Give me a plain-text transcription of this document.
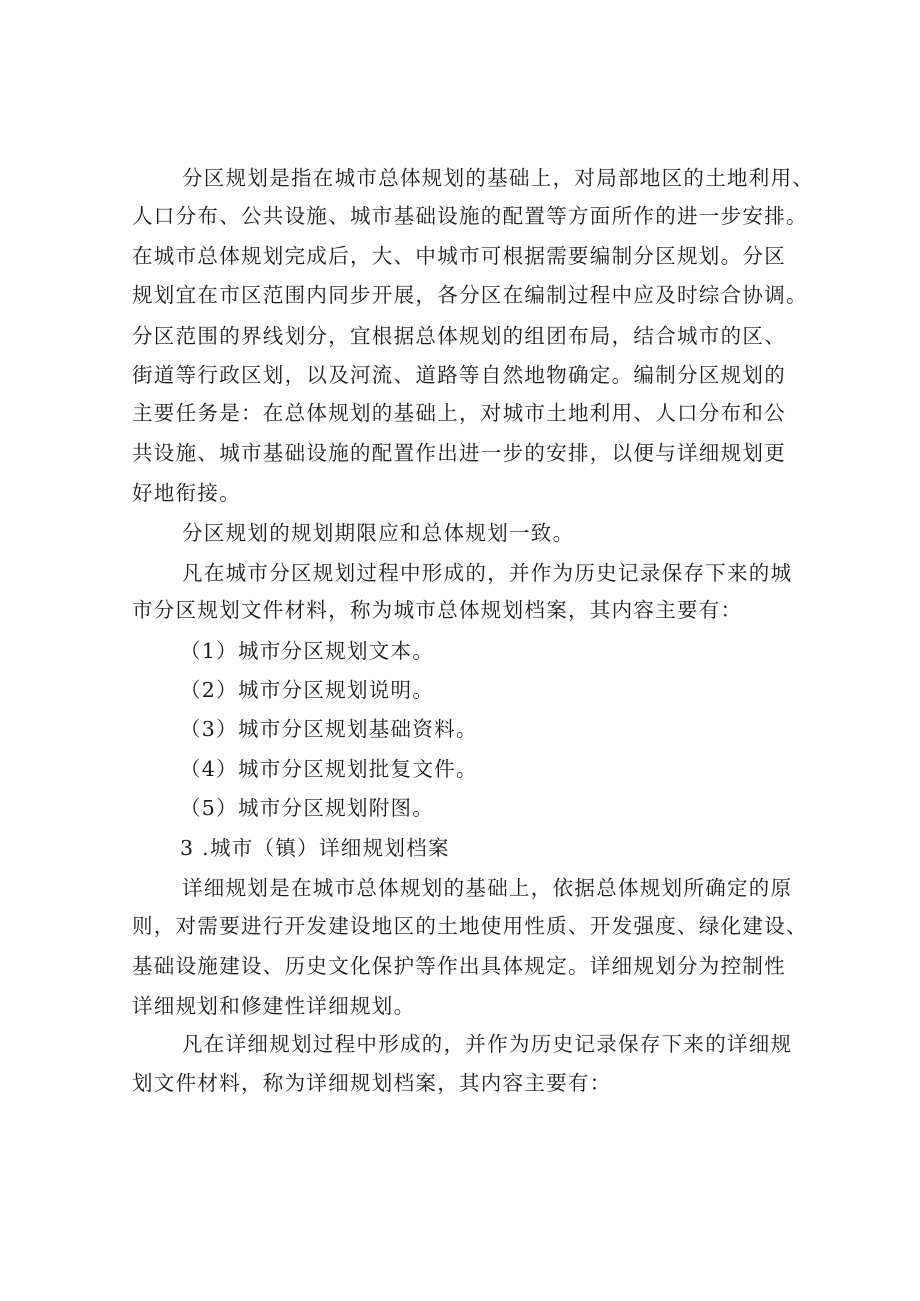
分区规划是指在城市总体规划的基础上，对局部地区的土地利用、
人口分布、公共设施、城市基础设施的配置等方面所作的进一步安排。
在城市总体规划完成后，大、中城市可根据需要编制分区规划。分区
规划宜在市区范围内同步开展，各分区在编制过程中应及时综合协调。
分区范围的界线划分，宜根据总体规划的组团布局，结合城市的区、
街道等行政区划，以及河流、道路等自然地物确定。编制分区规划的
主要任务是：在总体规划的基础上，对城市土地利用、人口分布和公
共设施、城市基础设施的配置作出进一步的安排，以便与详细规划更
好地衔接。
分区规划的规划期限应和总体规划一致。
凡在城市分区规划过程中形成的，并作为历史记录保存下来的城
市分区规划文件材料，称为城市总体规划档案，其内容主要有：
（1）城市分区规划文本。
（2）城市分区规划说明。
（3）城市分区规划基础资料。
（4）城市分区规划批复文件。
（5）城市分区规划附图。
3 .城市（镇）详细规划档案
详细规划是在城市总体规划的基础上，依据总体规划所确定的原
则，对需要进行开发建设地区的土地使用性质、开发强度、绿化建设、
基础设施建设、历史文化保护等作出具体规定。详细规划分为控制性
详细规划和修建性详细规划。
凡在详细规划过程中形成的，并作为历史记录保存下来的详细规
划文件材料，称为详细规划档案，其内容主要有：
